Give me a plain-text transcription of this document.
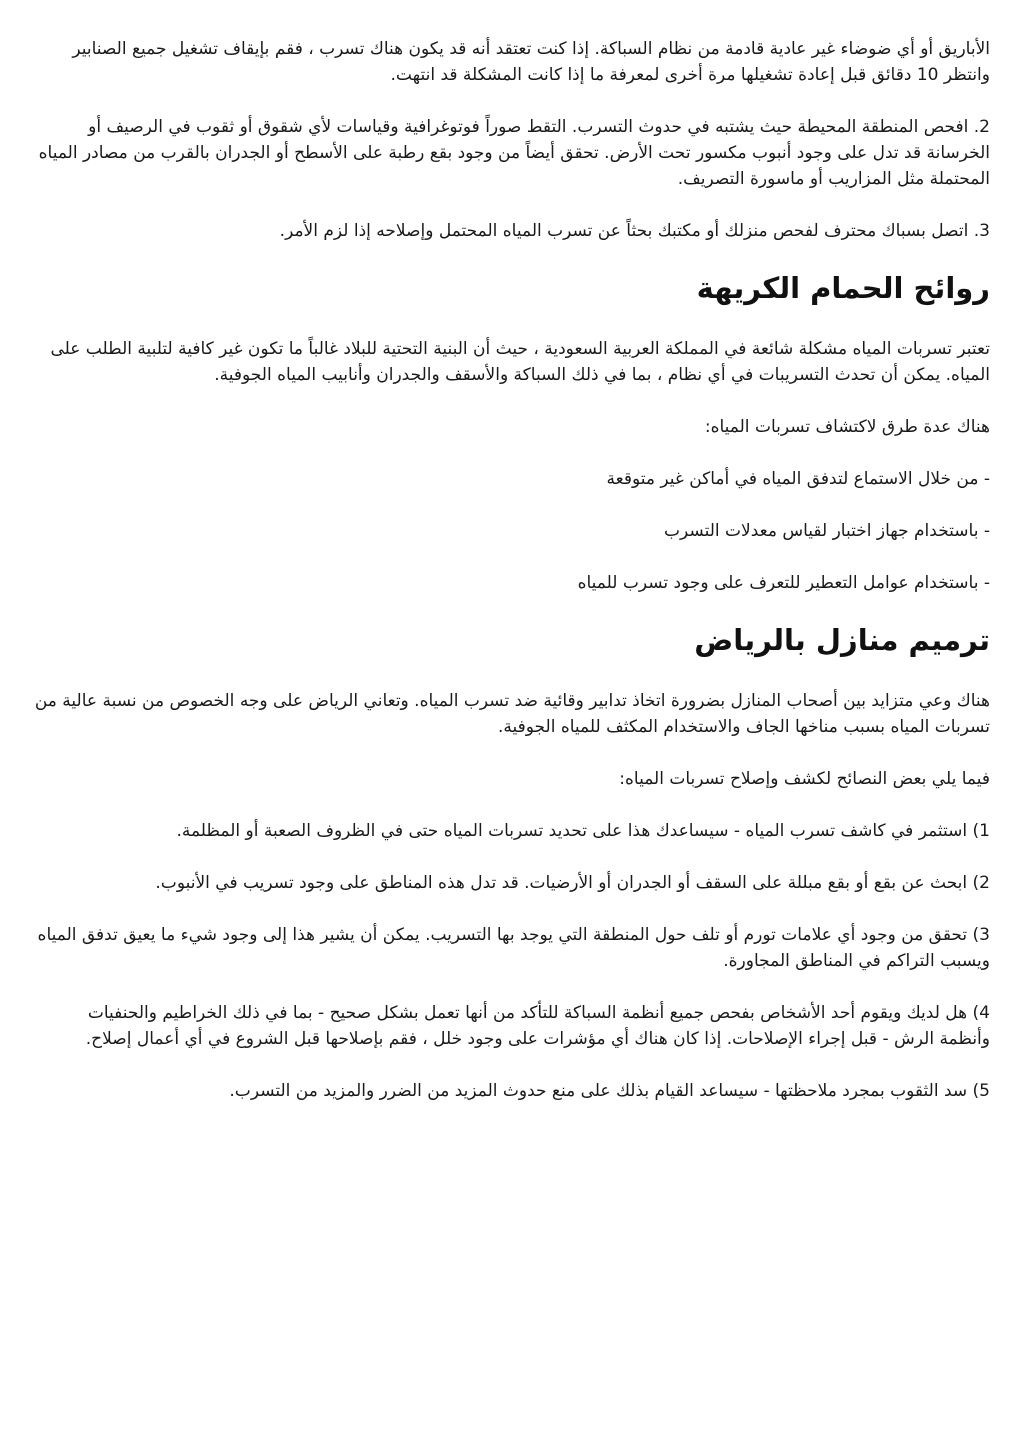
الأباريق أو أي ضوضاء غير عادية قادمة من نظام السباكة. إذا كنت تعتقد أنه قد يكون هناك تسرب ، فقم بإيقاف تشغيل جميع الصنابير وانتظر 10 دقائق قبل إعادة تشغيلها مرة أخرى لمعرفة ما إذا كانت المشكلة قد انتهت.

2. افحص المنطقة المحيطة حيث يشتبه في حدوث التسرب. التقط صوراً فوتوغرافية وقياسات لأي شقوق أو ثقوب في الرصيف أو الخرسانة قد تدل على وجود أنبوب مكسور تحت الأرض. تحقق أيضاً من وجود بقع رطبة على الأسطح أو الجدران بالقرب من مصادر المياه المحتملة مثل المزاريب أو ماسورة التصريف.

3. اتصل بسباك محترف لفحص منزلك أو مكتبك بحثاً عن تسرب المياه المحتمل وإصلاحه إذا لزم الأمر.

روائح الحمام الكريهة

تعتبر تسربات المياه مشكلة شائعة في المملكة العربية السعودية ، حيث أن البنية التحتية للبلاد غالباً ما تكون غير كافية لتلبية الطلب على المياه. يمكن أن تحدث التسريبات في أي نظام ، بما في ذلك السباكة والأسقف والجدران وأنابيب المياه الجوفية.

هناك عدة طرق لاكتشاف تسربات المياه:

- من خلال الاستماع لتدفق المياه في أماكن غير متوقعة

- باستخدام جهاز اختبار لقياس معدلات التسرب

- باستخدام عوامل التعطير للتعرف على وجود تسرب للمياه

ترميم منازل بالرياض

هناك وعي متزايد بين أصحاب المنازل بضرورة اتخاذ تدابير وقائية ضد تسرب المياه. وتعاني الرياض على وجه الخصوص من نسبة عالية من تسربات المياه بسبب مناخها الجاف والاستخدام المكثف للمياه الجوفية.

فيما يلي بعض النصائح لكشف وإصلاح تسربات المياه:

1) استثمر في كاشف تسرب المياه - سيساعدك هذا على تحديد تسربات المياه حتى في الظروف الصعبة أو المظلمة.

2) ابحث عن بقع أو بقع مبللة على السقف أو الجدران أو الأرضيات. قد تدل هذه المناطق على وجود تسريب في الأنبوب.

3) تحقق من وجود أي علامات تورم أو تلف حول المنطقة التي يوجد بها التسريب. يمكن أن يشير هذا إلى وجود شيء ما يعيق تدفق المياه ويسبب التراكم في المناطق المجاورة.

4) هل لديك ويقوم أحد الأشخاص بفحص جميع أنظمة السباكة للتأكد من أنها تعمل بشكل صحيح - بما في ذلك الخراطيم والحنفيات وأنظمة الرش - قبل إجراء الإصلاحات. إذا كان هناك أي مؤشرات على وجود خلل ، فقم بإصلاحها قبل الشروع في أي أعمال إصلاح.

5) سد الثقوب بمجرد ملاحظتها - سيساعد القيام بذلك على منع حدوث المزيد من الضرر والمزيد من التسرب.
